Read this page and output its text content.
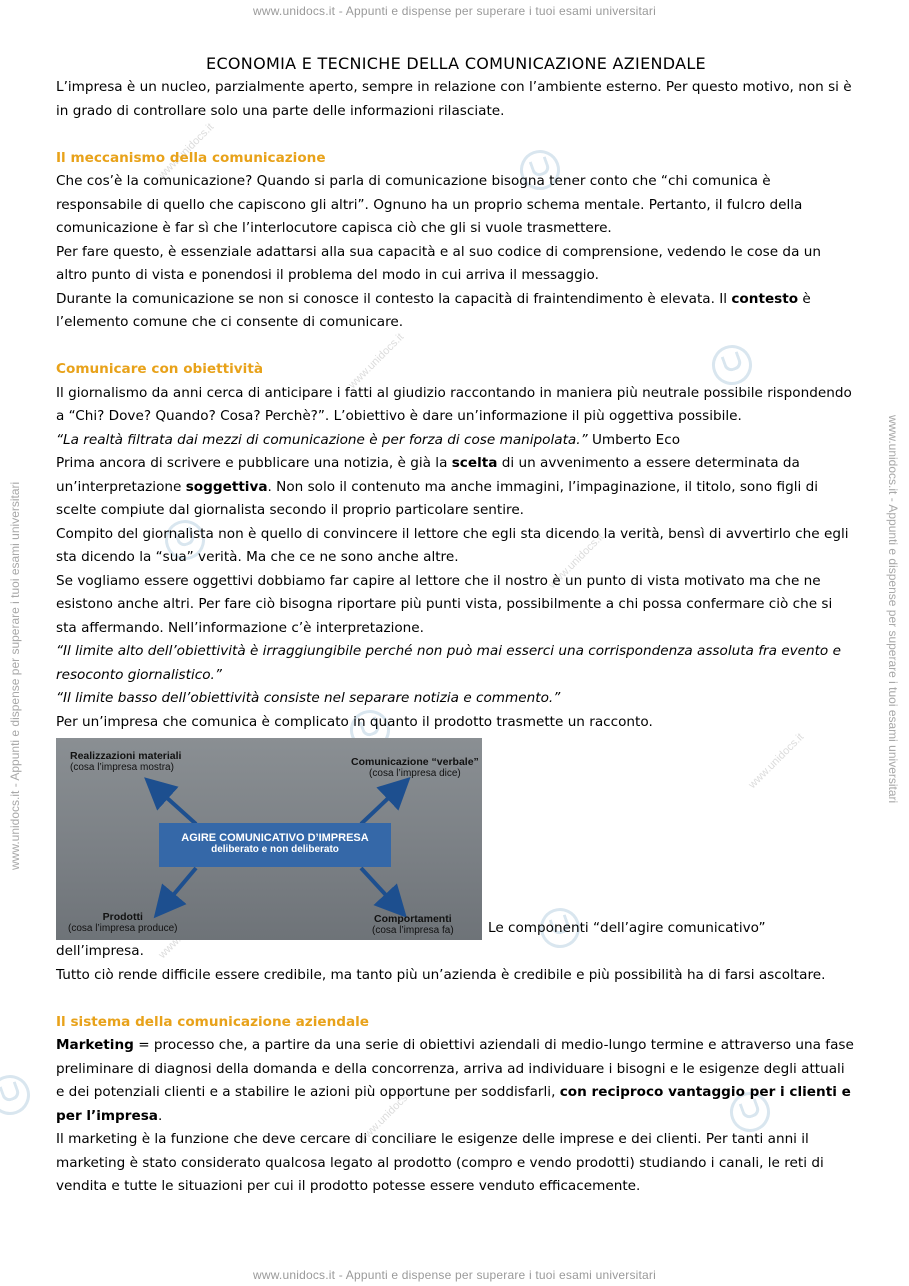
www.unidocs.it - Appunti e dispense per superare i tuoi esami universitari
www.unidocs.it - Appunti e dispense per superare i tuoi esami universitari
www.unidocs.it - Appunti e dispense per superare i tuoi esami universitari	www.unidocs.it - Appunti e dispense per superare i tuoi esami universitari
www.unidocs.it
www.unidocs.it
www.unidocs.it
www.unidocs.it
www.unidocs.it
ECONOMIA E TECNICHE DELLA COMUNICAZIONE AZIENDALE

L’impresa è un nucleo, parzialmente aperto, sempre in relazione con l’ambiente esterno. Per questo motivo, non si è in grado di controllare solo una parte delle informazioni rilasciate.

Il meccanismo della comunicazione

Che cos’è la comunicazione? Quando si parla di comunicazione bisogna tener conto che “chi comunica è responsabile di quello che capiscono gli altri”. Ognuno ha un proprio schema mentale. Pertanto, il fulcro della comunicazione è far sì che l’interlocutore capisca ciò che gli si vuole trasmettere.

Per fare questo, è essenziale adattarsi alla sua capacità e al suo codice di comprensione, vedendo le cose da un altro punto di vista e ponendosi il problema del modo in cui arriva il messaggio.

Durante la comunicazione se non si conosce il contesto la capacità di fraintendimento è elevata. Il contesto è l’elemento comune che ci consente di comunicare.

Comunicare con obiettività

Il giornalismo da anni cerca di anticipare i fatti al giudizio raccontando in maniera più neutrale possibile rispondendo a “Chi? Dove? Quando? Cosa? Perchè?”. L’obiettivo è dare un’informazione il più oggettiva possibile.

“La realtà filtrata dai mezzi di comunicazione è per forza di cose manipolata.” Umberto Eco

Prima ancora di scrivere e pubblicare una notizia, è già la scelta di un avvenimento a essere determinata da un’interpretazione soggettiva. Non solo il contenuto ma anche immagini, l’impaginazione, il titolo, sono figli di scelte compiute dal giornalista secondo il proprio particolare sentire.

Compito del giornalista non è quello di convincere il lettore che egli sta dicendo la verità, bensì di avvertirlo che egli sta dicendo la “sua” verità. Ma che ce ne sono anche altre.

Se vogliamo essere oggettivi dobbiamo far capire al lettore che il nostro è un punto di vista motivato ma che ne esistono anche altri. Per fare ciò bisogna riportare più punti vista, possibilmente a chi possa confermare ciò che si sta affermando. Nell’informazione c’è interpretazione.

“Il limite alto dell’obiettività è irraggiungibile perché non può mai esserci una corrispondenza assoluta fra evento e resoconto giornalistico.”

“Il limite basso dell’obiettività consiste nel separare notizia e commento.”

Per un’impresa che comunica è complicato in quanto il prodotto trasmette un racconto.

Realizzazioni materiali
(cosa l’impresa mostra)	Comunicazione “verbale”
(cosa l’impresa dice)
AGIRE COMUNICATIVO D’IMPRESA
deliberato e non deliberato
Prodotti
(cosa l’impresa produce)
Comportamenti
(cosa l’impresa fa)	Le componenti “dell’agire comunicativo”

dell’impresa.

Tutto ciò rende difficile essere credibile, ma tanto più un’azienda è credibile e più possibilità ha di farsi ascoltare.

Il sistema della comunicazione aziendale

Marketing = processo che, a partire da una serie di obiettivi aziendali di medio-lungo termine e attraverso una fase preliminare di diagnosi della domanda e della concorrenza, arriva ad individuare i bisogni e le esigenze degli attuali e dei potenziali clienti e a stabilire le azioni più opportune per soddisfarli, con reciproco vantaggio per i clienti e per l’impresa.

Il marketing è la funzione che deve cercare di conciliare le esigenze delle imprese e dei clienti. Per tanti anni il marketing è stato considerato qualcosa legato al prodotto (compro e vendo prodotti) studiando i canali, le reti di vendita e tutte le situazioni per cui il prodotto potesse essere venduto efficacemente.
